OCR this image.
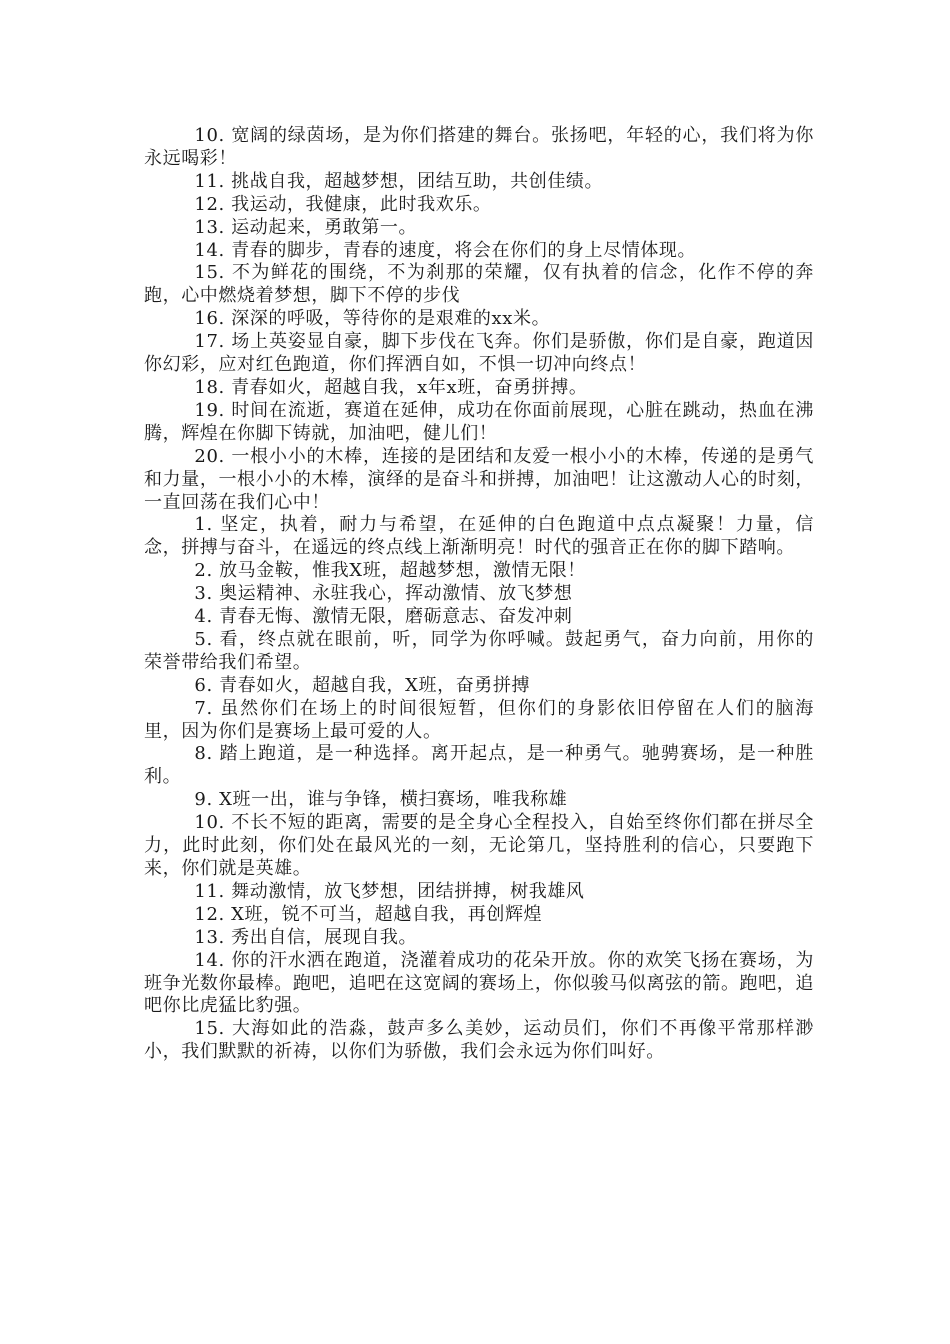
10. 宽阔的绿茵场，是为你们搭建的舞台。张扬吧，年轻的心，我们将为你永远喝彩！

11. 挑战自我，超越梦想，团结互助，共创佳绩。

12. 我运动，我健康，此时我欢乐。

13. 运动起来，勇敢第一。

14. 青春的脚步，青春的速度，将会在你们的身上尽情体现。

15. 不为鲜花的围绕，不为刹那的荣耀，仅有执着的信念，化作不停的奔跑，心中燃烧着梦想，脚下不停的步伐

16. 深深的呼吸，等待你的是艰难的xx米。

17. 场上英姿显自豪，脚下步伐在飞奔。你们是骄傲，你们是自豪，跑道因你幻彩，应对红色跑道，你们挥洒自如，不惧一切冲向终点！

18. 青春如火，超越自我，x年x班，奋勇拼搏。

19. 时间在流逝，赛道在延伸，成功在你面前展现，心脏在跳动，热血在沸腾，辉煌在你脚下铸就，加油吧，健儿们！

20. 一根小小的木棒，连接的是团结和友爱一根小小的木棒，传递的是勇气和力量，一根小小的木棒，演绎的是奋斗和拼搏，加油吧！让这激动人心的时刻，一直回荡在我们心中！

1. 坚定，执着，耐力与希望，在延伸的白色跑道中点点凝聚！力量，信念，拼搏与奋斗，在遥远的终点线上渐渐明亮！时代的强音正在你的脚下踏响。

2. 放马金鞍，惟我X班，超越梦想，激情无限！

3. 奥运精神、永驻我心，挥动激情、放飞梦想

4. 青春无悔、激情无限，磨砺意志、奋发冲刺

5. 看，终点就在眼前，听，同学为你呼喊。鼓起勇气，奋力向前，用你的荣誉带给我们希望。

6. 青春如火，超越自我，X班，奋勇拼搏

7. 虽然你们在场上的时间很短暂，但你们的身影依旧停留在人们的脑海里，因为你们是赛场上最可爱的人。

8. 踏上跑道，是一种选择。离开起点，是一种勇气。驰骋赛场，是一种胜利。

9. X班一出，谁与争锋，横扫赛场，唯我称雄

10. 不长不短的距离，需要的是全身心全程投入，自始至终你们都在拼尽全力，此时此刻，你们处在最风光的一刻，无论第几，坚持胜利的信心，只要跑下来，你们就是英雄。

11. 舞动激情，放飞梦想，团结拼搏，树我雄风

12. X班，锐不可当，超越自我，再创辉煌

13. 秀出自信，展现自我。

14. 你的汗水洒在跑道，浇灌着成功的花朵开放。你的欢笑飞扬在赛场，为班争光数你最棒。跑吧，追吧在这宽阔的赛场上，你似骏马似离弦的箭。跑吧，追吧你比虎猛比豹强。

15. 大海如此的浩淼，鼓声多么美妙，运动员们，你们不再像平常那样渺小，我们默默的祈祷，以你们为骄傲，我们会永远为你们叫好。
